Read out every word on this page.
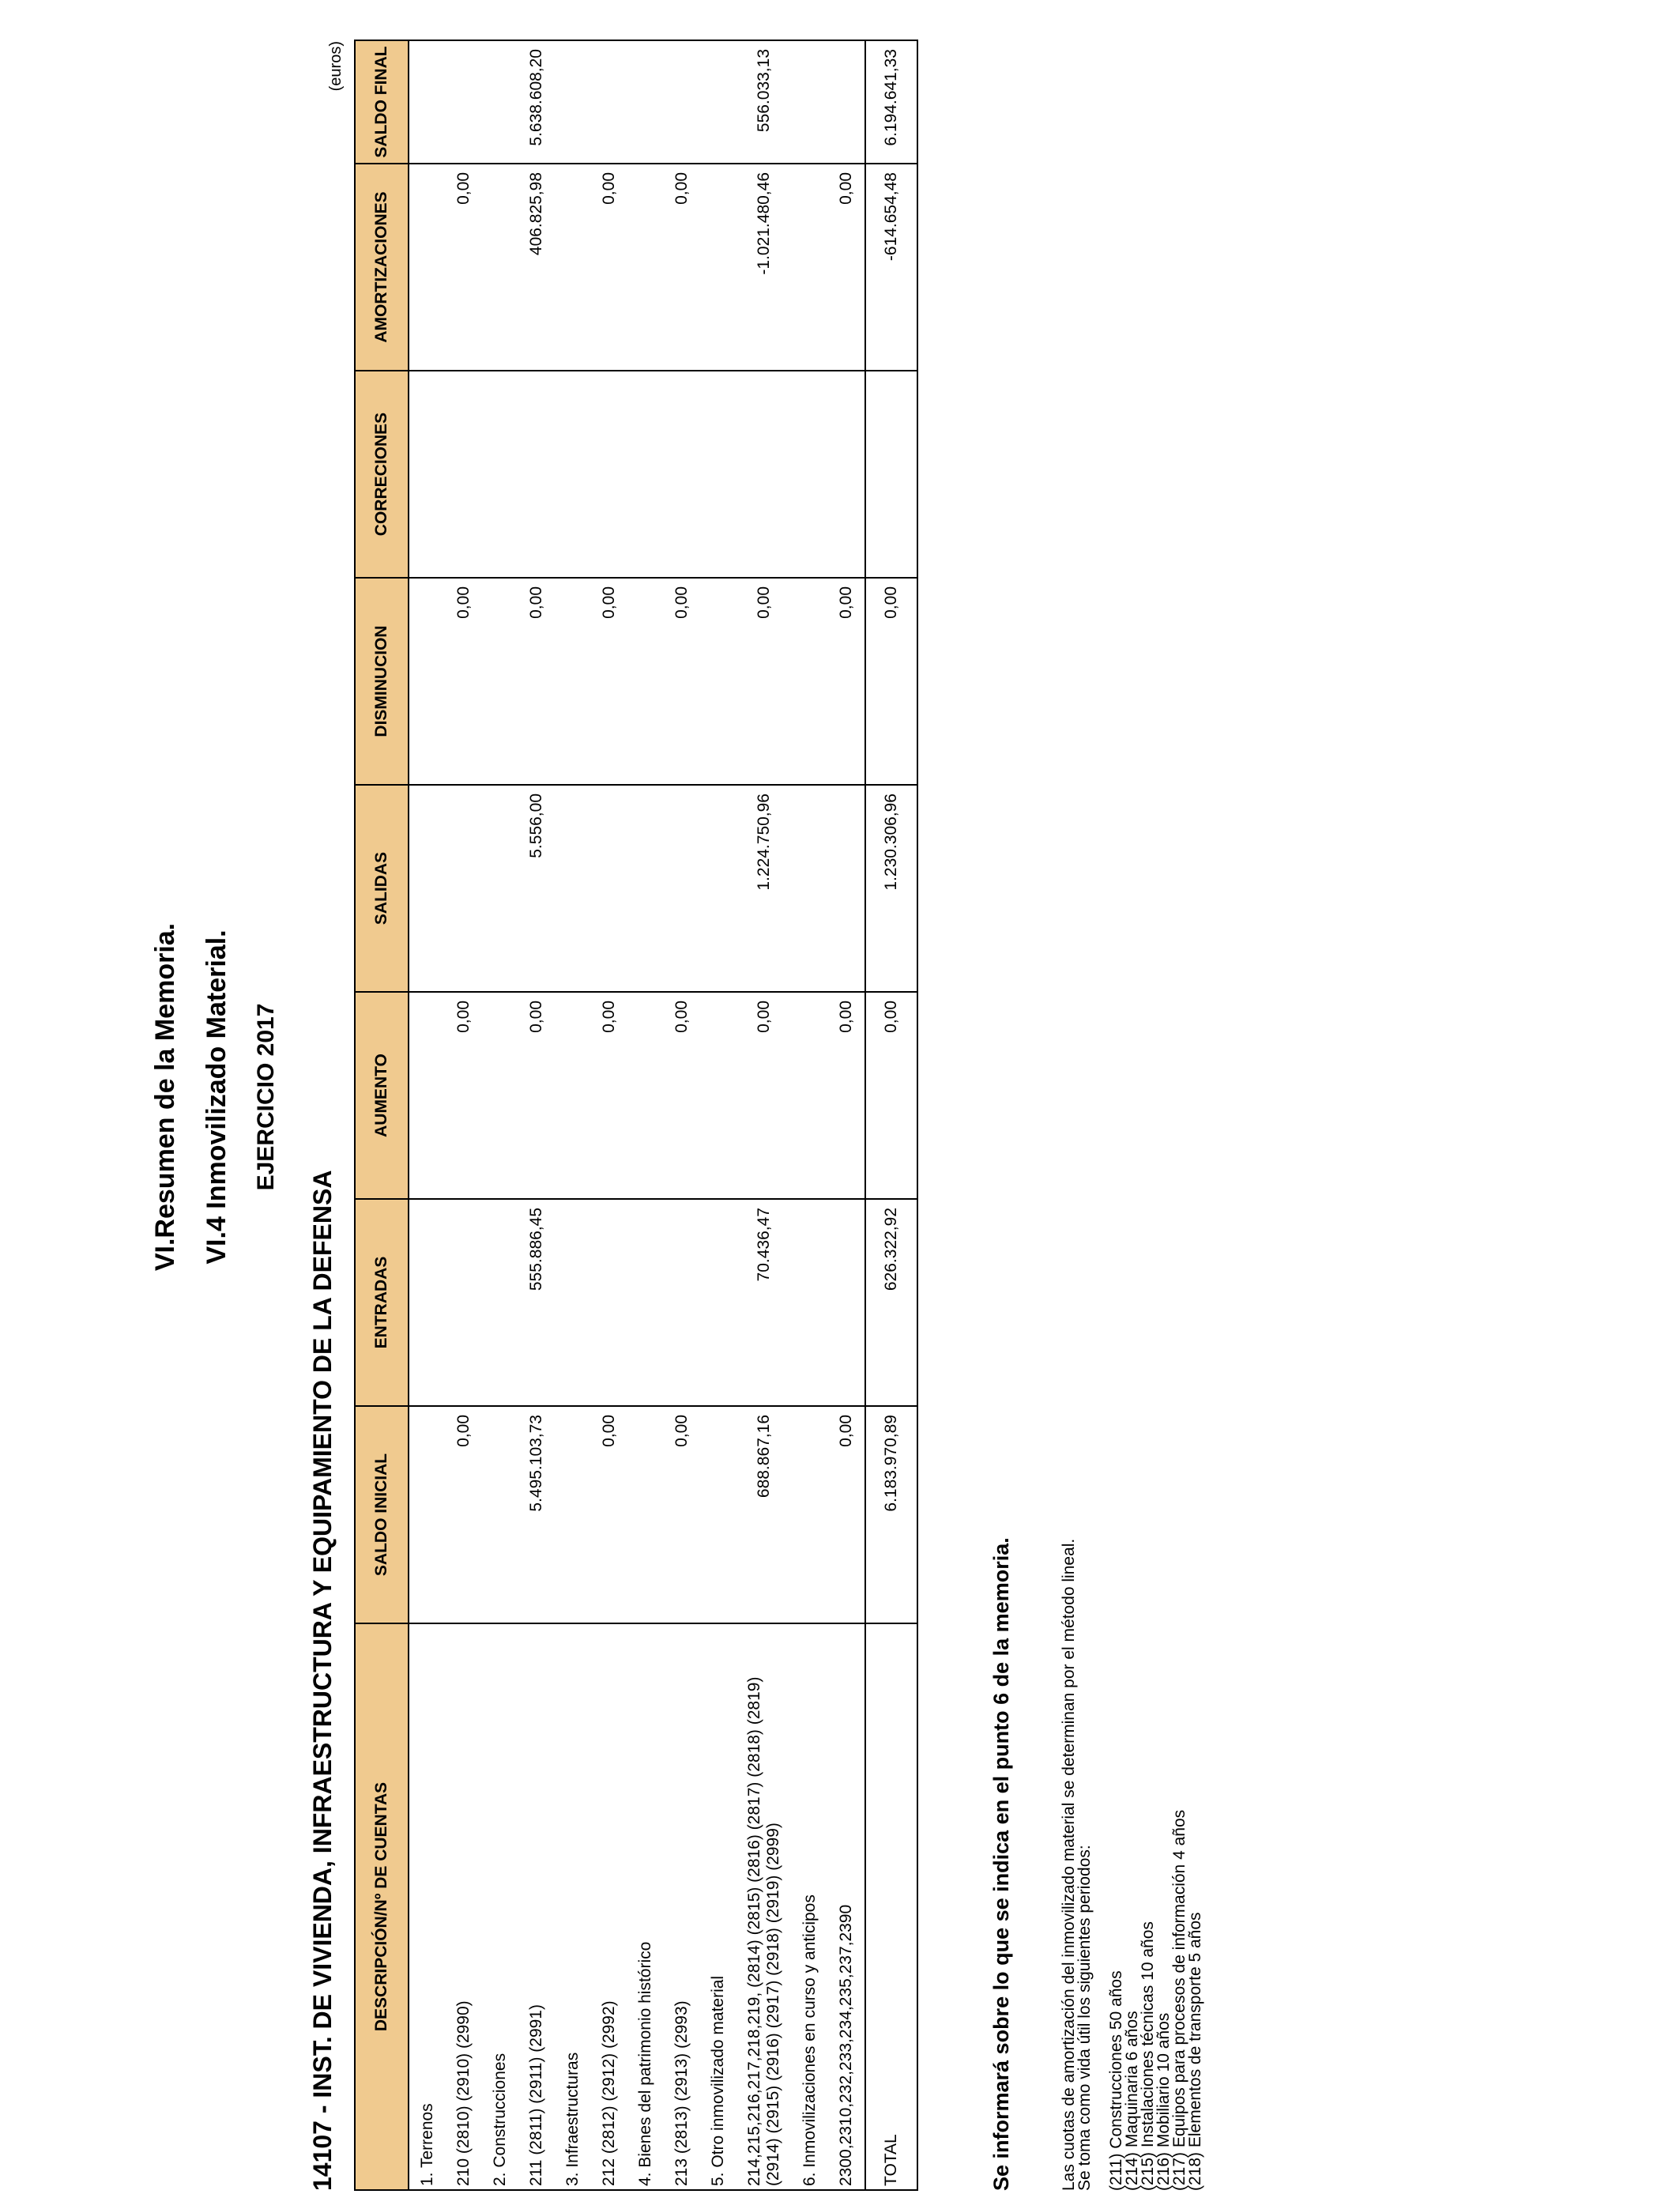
VI.Resumen de la Memoria. VI.4 Inmovilizado Material. EJERCICIO 2017
14107 - INST. DE VIVIENDA, INFRAESTRUCTURA Y EQUIPAMIENTO DE LA DEFENSA
(euros)
DESCRIPCIÓN/Nº DE CUENTAS	SALDO INICIAL	ENTRADAS	AUMENTO	SALIDAS	DISMINUCION	CORRECIONES	AMORTIZACIONES	SALDO FINAL
1. Terrenos								
210 (2810) (2910) (2990)	0,00		0,00		0,00		0,00	
2. Construcciones								
211 (2811) (2911) (2991)	5.495.103,73	555.886,45	0,00	5.556,00	0,00		406.825,98	5.638.608,20
3. Infraestructuras								
212 (2812) (2912) (2992)	0,00		0,00		0,00		0,00	
4. Bienes del patrimonio histórico								
213 (2813) (2913) (2993)	0,00		0,00		0,00		0,00	
5. Otro inmovilizado material								
214,215,216,217,218,219, (2814) (2815) (2816) (2817) (2818) (2819) (2914) (2915) (2916) (2917) (2918) (2919) (2999)	688.867,16	70.436,47	0,00	1.224.750,96	0,00		-1.021.480,46	556.033,13
6. Inmovilizaciones en curso y anticipos								
2300,2310,232,233,234,235,237,2390	0,00		0,00		0,00		0,00	
TOTAL	6.183.970,89	626.322,92	0,00	1.230.306,96	0,00		-614.654,48	6.194.641,33
Se informará sobre lo que se indica en el punto 6 de la memoria.	Las cuotas de amortización del inmovilizado material se determinan por el método lineal.
Se toma como vida útil los siguientes periodos: (211) Construcciones 50 años
(214) Maquinaria 6 años
(215) Instalaciones técnicas 10 años
(216) Mobiliario 10 años
(217) Equipos para procesos de información 4 años
(218) Elementos de transporte 5 años
